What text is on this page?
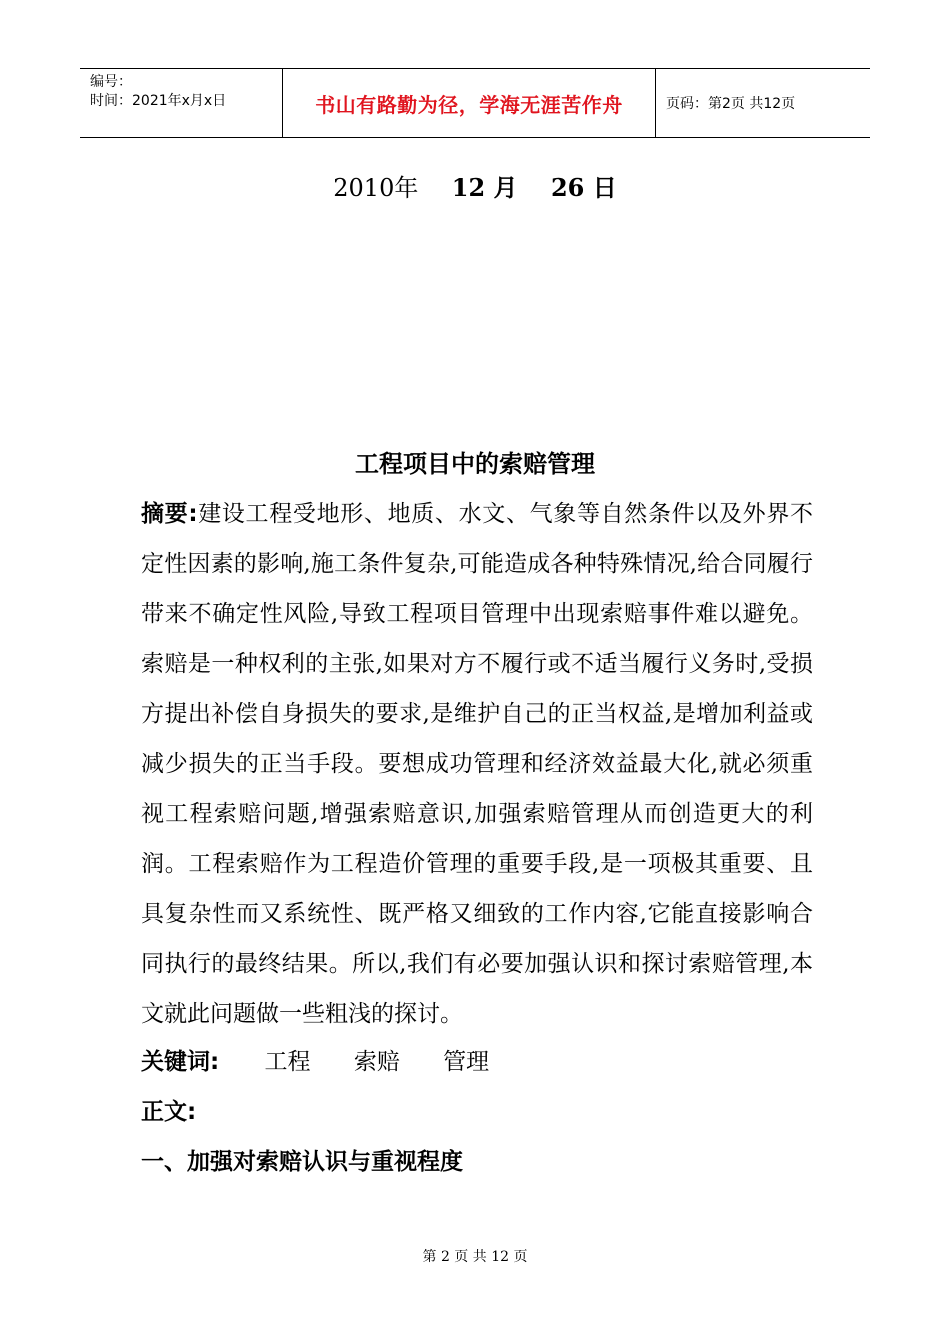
编号：
时间：2021年x月x日	书山有路勤为径，学海无涯苦作舟	页码：第2页 共12页
2010年 12 月 26 日
工程项目中的索赔管理
摘要:建设工程受地形、地质、水文、气象等自然条件以及外界不定性因素的影响,施工条件复杂,可能造成各种特殊情况,给合同履行带来不确定性风险,导致工程项目管理中出现索赔事件难以避免。索赔是一种权利的主张,如果对方不履行或不适当履行义务时,受损方提出补偿自身损失的要求,是维护自己的正当权益,是增加利益或减少损失的正当手段。要想成功管理和经济效益最大化,就必须重视工程索赔问题,增强索赔意识,加强索赔管理从而创造更大的利润。工程索赔作为工程造价管理的重要手段,是一项极其重要、且具复杂性而又系统性、既严格又细致的工作内容,它能直接影响合同执行的最终结果。所以,我们有必要加强认识和探讨索赔管理,本文就此问题做一些粗浅的探讨。
关键词: 工程 索赔 管理
正文:
一、加强对索赔认识与重视程度
第 2 页 共 12 页
